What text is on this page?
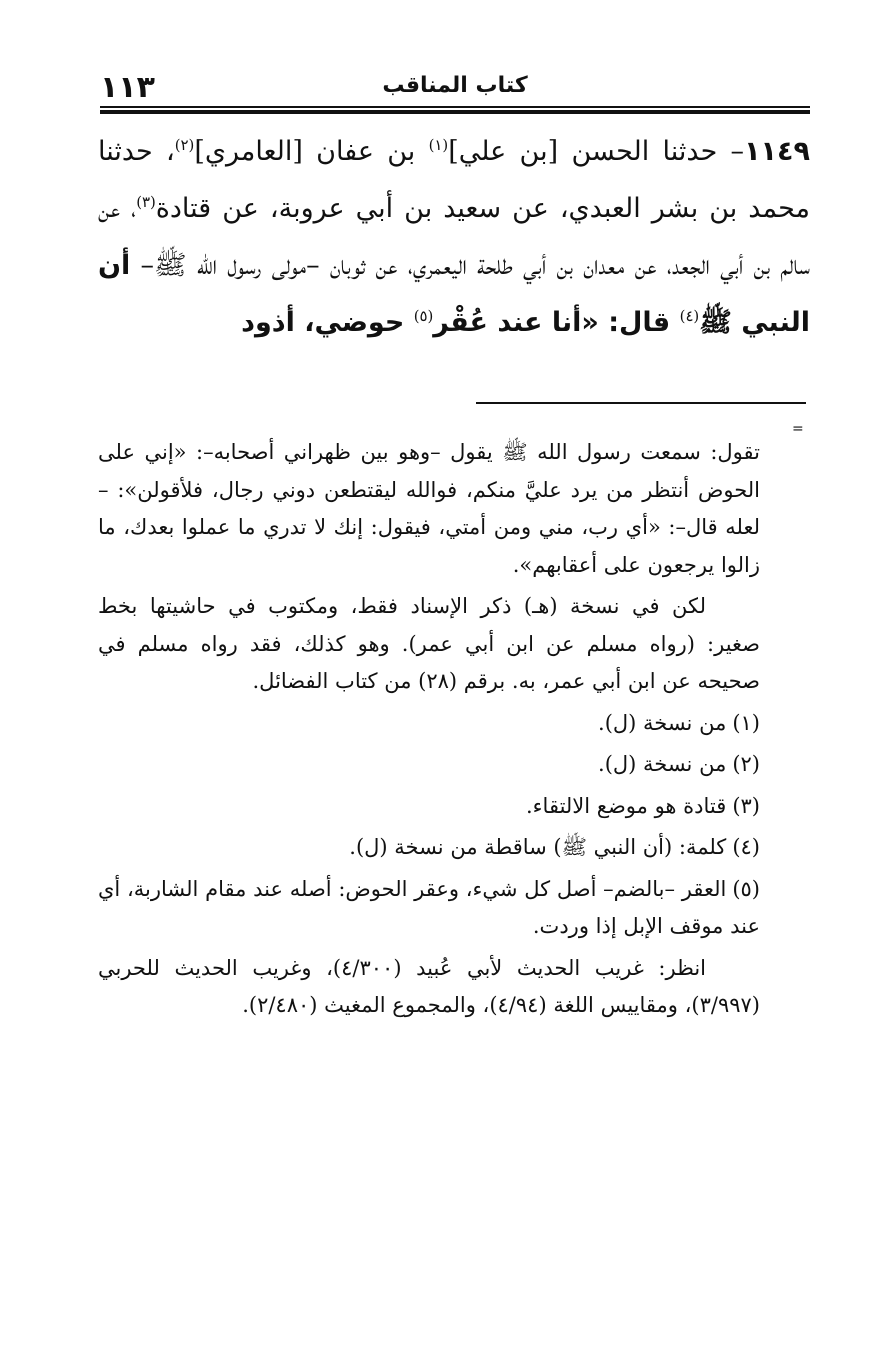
١١٣	كتاب المناقب
١١٤٩– حدثنا الحسن [بن علي]$^{(١)}$ بن عفان [العامري]$^{(٢)}$، حدثنا محمد بن بشر العبدي، عن سعيد بن أبي عروبة، عن قتادة$^{(٣)}$، عن سالم بن أبي الجعد، عن معدان بن أبي طلحة اليعمري، عن ثوبان –مولى رسول الله ﷺ– أن النبي ﷺ$^{(٤)}$ قال: «أنا عند عُقْر$^{(٥)}$ حوضي، أذود
=

تقول: سمعت رسول الله ﷺ يقول –وهو بين ظهراني أصحابه–: «إني على الحوض أنتظر من يرد عليَّ منكم، فوالله ليقتطعن دوني رجال، فلأقولن»: –لعله قال–: «أي رب، مني ومن أمتي، فيقول: إنك لا تدري ما عملوا بعدك، ما زالوا يرجعون على أعقابهم».

لكن في نسخة (هـ) ذكر الإسناد فقط، ومكتوب في حاشيتها بخط صغير: (رواه مسلم عن ابن أبي عمر). وهو كذلك، فقد رواه مسلم في صحيحه عن ابن أبي عمر، به. برقم (٢٨) من كتاب الفضائل.

(١)من نسخة (ل).

(٢)من نسخة (ل).

(٣)قتادة هو موضع الالتقاء.

(٤)كلمة: (أن النبي ﷺ) ساقطة من نسخة (ل).

(٥)العقر –بالضم– أصل كل شيء، وعقر الحوض: أصله عند مقام الشاربة، أي عند موقف الإبل إذا وردت.

انظر: غريب الحديث لأبي عُبيد (٤/٣٠٠)، وغريب الحديث للحربي (٣/٩٩٧)، ومقاييس اللغة (٤/٩٤)، والمجموع المغيث (٢/٤٨٠).
